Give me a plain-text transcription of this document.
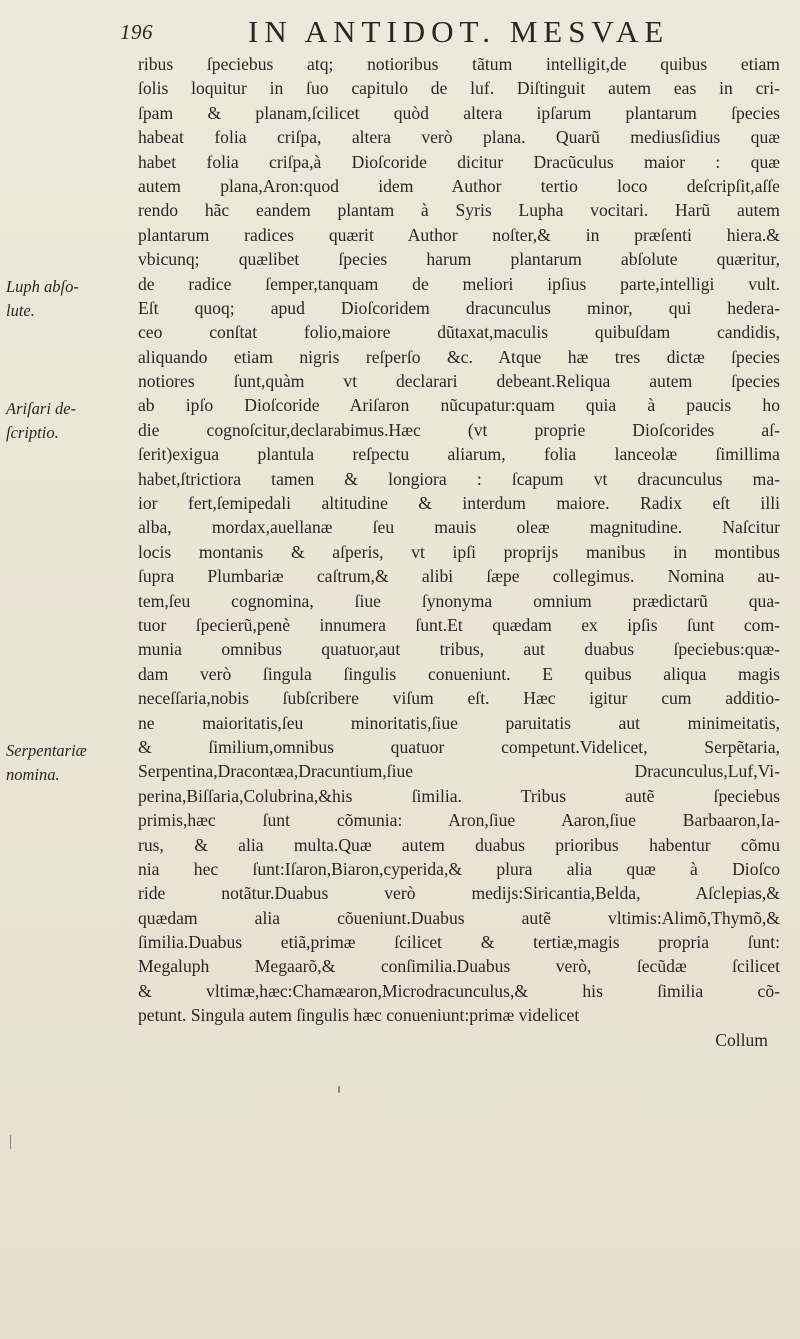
196	IN ANTIDOT. MESVAE
Luph abſo-
lute.
Ariſari de-
ſcriptio.
Serpentariæ
nomina.
ribus ſpeciebus atq; notioribus tãtum intelligit,de quibus etiam
ſolis loquitur in ſuo capitulo de luf. Diſtinguit autem eas in cri-
ſpam & planam,ſcilicet quòd altera ipſarum plantarum ſpecies
habeat folia criſpa, altera verò plana. Quarũ mediusſidius quæ
habet folia criſpa,à Dioſcoride dicitur Dracũculus maior : quæ
autem plana,Aron:quod idem Author tertio loco deſcripſit,aſſe
rendo hãc eandem plantam à Syris Lupha vocitari. Harũ autem
plantarum radices quærit Author noſter,& in præſenti hiera.&
vbicunq; quælibet ſpecies harum plantarum abſolute quæritur,
de radice ſemper,tanquam de meliori ipſius parte,intelligi vult.
Eſt quoq; apud Dioſcoridem dracunculus minor, qui hedera-
ceo conſtat folio,maiore dũtaxat,maculis quibuſdam candidis,
aliquando etiam nigris reſperſo &c. Atque hæ tres dictæ ſpecies
notiores ſunt,quàm vt declarari debeant.Reliqua autem ſpecies
ab ipſo Dioſcoride Ariſaron nũcupatur:quam quia à paucis ho
die cognoſcitur,declarabimus.Hæc (vt proprie Dioſcorides aſ-
ſerit)exigua plantula reſpectu aliarum, folia lanceolæ ſimillima
habet,ſtrictiora tamen & longiora : ſcapum vt dracunculus ma-
ior fert,ſemipedali altitudine & interdum maiore. Radix eſt illi
alba, mordax,auellanæ ſeu mauis oleæ magnitudine. Naſcitur
locis montanis & aſperis, vt ipſi proprijs manibus in montibus
ſupra Plumbariæ caſtrum,& alibi ſæpe collegimus. Nomina au-
tem,ſeu cognomina, ſiue ſynonyma omnium prædictarũ qua-
tuor ſpecierũ,penè innumera ſunt.Et quædam ex ipſis ſunt com-
munia omnibus quatuor,aut tribus, aut duabus ſpeciebus:quæ-
dam verò ſingula ſingulis conueniunt. E quibus aliqua magis
neceſſaria,nobis ſubſcribere viſum eſt. Hæc igitur cum additio-
ne maioritatis,ſeu minoritatis,ſiue paruitatis aut minimeitatis,
& ſimilium,omnibus quatuor competunt.Videlicet, Serpẽtaria,
Serpentina,Dracontæa,Dracuntium,ſiue Dracunculus,Luf,Vi-
perina,Biſſaria,Colubrina,&his ſimilia. Tribus autẽ ſpeciebus
primis,hæc ſunt cõmunia: Aron,ſiue Aaron,ſiue Barbaaron,Ia-
rus, & alia multa.Quæ autem duabus prioribus habentur cõmu
nia hec ſunt:Iſaron,Biaron,cyperida,& plura alia quæ à Dioſco
ride notãtur.Duabus verò medijs:Siricantia,Belda, Aſclepias,&
quædam alia cõueniunt.Duabus autẽ vltimis:Alimõ,Thymõ,&
ſimilia.Duabus etiã,primæ ſcilicet & tertiæ,magis propria ſunt:
Megaluph Megaarõ,& conſimilia.Duabus verò, ſecũdæ ſcilicet
& vltimæ,hæc:Chamæaron,Microdracunculus,& his ſimilia cõ-
petunt. Singula autem ſingulis hæc conueniunt:primæ videlicet
Collum
